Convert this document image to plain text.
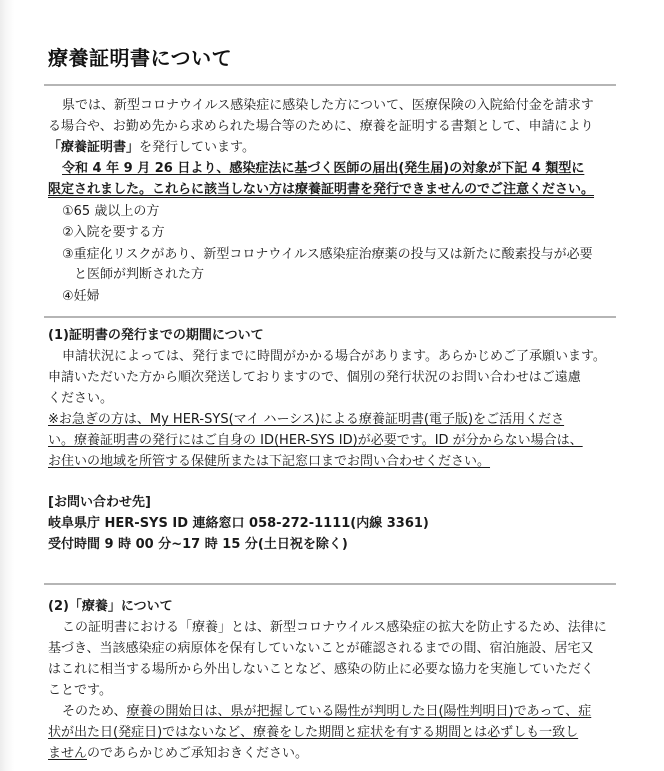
療養証明書について
県では、新型コロナウイルス感染症に感染した方について、医療保険の入院給付金を請求す
る場合や、お勤め先から求められた場合等のために、療養を証明する書類として、申請により
「療養証明書」を発行しています。
令和 4 年 9 月 26 日より、感染症法に基づく医師の届出(発生届)の対象が下記 4 類型に
限定されました。これらに該当しない方は療養証明書を発行できませんのでご注意ください。
①65 歳以上の方
②入院を要する方
③重症化リスクがあり、新型コロナウイルス感染症治療薬の投与又は新たに酸素投与が必要
と医師が判断された方
④妊婦
(1)証明書の発行までの期間について
申請状況によっては、発行までに時間がかかる場合があります。あらかじめご了承願います。
申請いただいた方から順次発送しておりますので、個別の発行状況のお問い合わせはご遠慮
ください。
※お急ぎの方は、My HER-SYS(マイ ハーシス)による療養証明書(電子版)をご活用くださ
い。療養証明書の発行にはご自身の ID(HER-SYS ID)が必要です。ID が分からない場合は、
お住いの地域を所管する保健所または下記窓口までお問い合わせください。
[お問い合わせ先]
岐阜県庁 HER-SYS ID 連絡窓口 058-272-1111(内線 3361)
受付時間 9 時 00 分~17 時 15 分(土日祝を除く)
(2)「療養」について
この証明書における「療養」とは、新型コロナウイルス感染症の拡大を防止するため、法律に
基づき、当該感染症の病原体を保有していないことが確認されるまでの間、宿泊施設、居宅又
はこれに相当する場所から外出しないことなど、感染の防止に必要な協力を実施していただく
ことです。
そのため、療養の開始日は、県が把握している陽性が判明した日(陽性判明日)であって、症
状が出た日(発症日)ではないなど、療養をした期間と症状を有する期間とは必ずしも一致し
ませんのであらかじめご承知おきください。
